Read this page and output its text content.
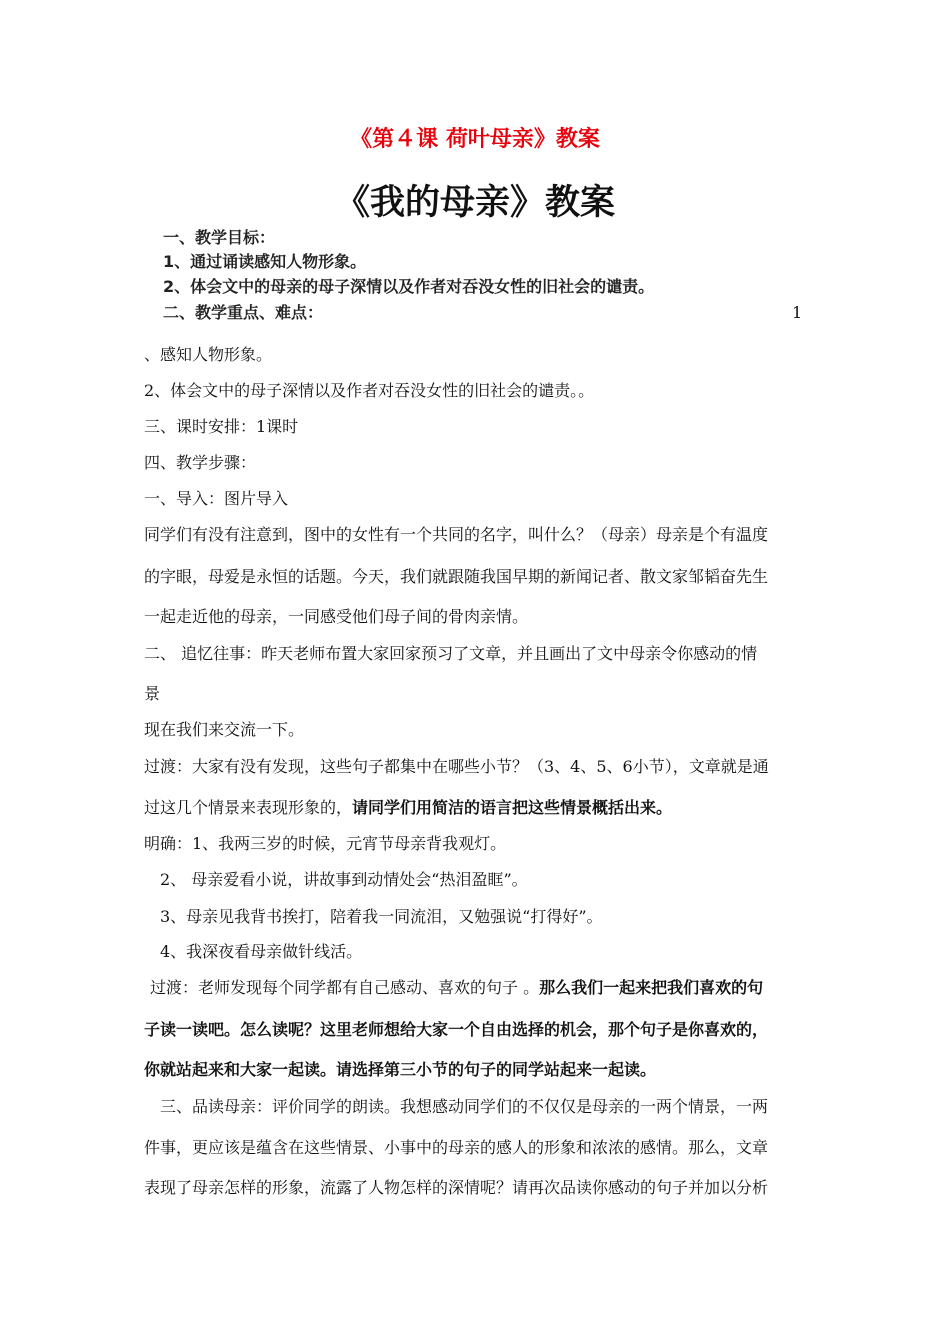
《第４课 荷叶母亲》教案
《我的母亲》教案
一、教学目标：
1、通过诵读感知人物形象。
2、体会文中的母亲的母子深情以及作者对吞没女性的旧社会的谴责。
二、教学重点、难点：	1
、感知人物形象。
2、体会文中的母子深情以及作者对吞没女性的旧社会的谴责。。
三、课时安排：1课时
四、教学步骤：
一、导入：图片导入
同学们有没有注意到，图中的女性有一个共同的名字，叫什么？（母亲）母亲是个有温度
的字眼，母爱是永恒的话题。今天，我们就跟随我国早期的新闻记者、散文家邹韬奋先生
一起走近他的母亲，一同感受他们母子间的骨肉亲情。
二、 追忆往事：昨天老师布置大家回家预习了文章，并且画出了文中母亲令你感动的情
景
现在我们来交流一下。
过渡：大家有没有发现，这些句子都集中在哪些小节？（3、4、5、6小节），文章就是通
过这几个情景来表现形象的，请同学们用简洁的语言把这些情景概括出来。
明确：1、我两三岁的时候，元宵节母亲背我观灯。
2、 母亲爱看小说，讲故事到动情处会“热泪盈眶”。
3、母亲见我背书挨打，陪着我一同流泪，又勉强说“打得好”。
4、我深夜看母亲做针线活。
过渡：老师发现每个同学都有自己感动、喜欢的句子 。那么我们一起来把我们喜欢的句
子读一读吧。怎么读呢？这里老师想给大家一个自由选择的机会，那个句子是你喜欢的，
你就站起来和大家一起读。请选择第三小节的句子的同学站起来一起读。
三、品读母亲：评价同学的朗读。我想感动同学们的不仅仅是母亲的一两个情景，一两
件事，更应该是蕴含在这些情景、小事中的母亲的感人的形象和浓浓的感情。那么，文章
表现了母亲怎样的形象，流露了人物怎样的深情呢？请再次品读你感动的句子并加以分析
